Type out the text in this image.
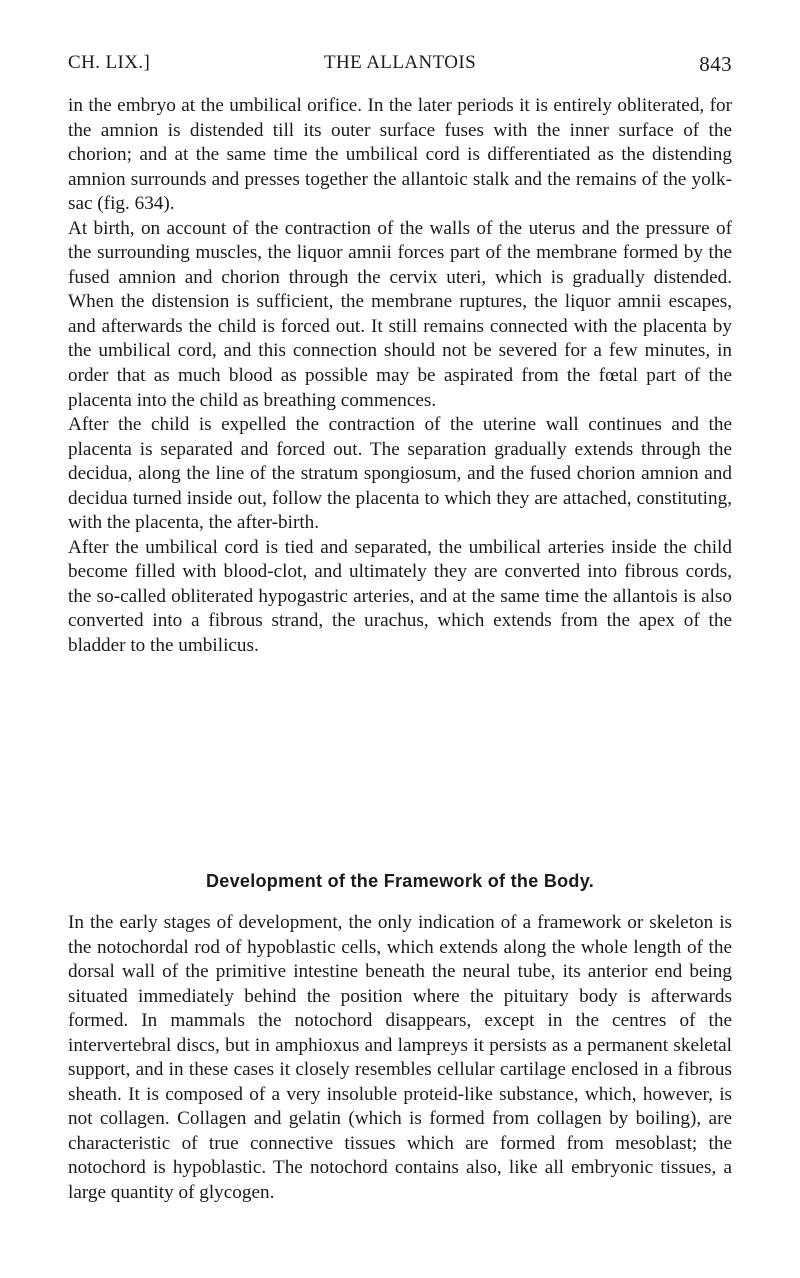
CH. LIX.]	THE ALLANTOIS	843

in the embryo at the umbilical orifice. In the later periods it is entirely obliterated, for the amnion is distended till its outer surface fuses with the inner surface of the chorion; and at the same time the umbilical cord is differentiated as the distending amnion surrounds and presses together the allantoic stalk and the remains of the yolk-sac (fig. 634).

At birth, on account of the contraction of the walls of the uterus and the pressure of the surrounding muscles, the liquor amnii forces part of the membrane formed by the fused amnion and chorion through the cervix uteri, which is gradually distended. When the distension is sufficient, the membrane ruptures, the liquor amnii escapes, and afterwards the child is forced out. It still remains connected with the placenta by the umbilical cord, and this connection should not be severed for a few minutes, in order that as much blood as possible may be aspirated from the fœtal part of the placenta into the child as breathing commences.

After the child is expelled the contraction of the uterine wall continues and the placenta is separated and forced out. The separation gradually extends through the decidua, along the line of the stratum spongiosum, and the fused chorion amnion and decidua turned inside out, follow the placenta to which they are attached, constituting, with the placenta, the after-birth.

After the umbilical cord is tied and separated, the umbilical arteries inside the child become filled with blood-clot, and ultimately they are converted into fibrous cords, the so-called obliterated hypogastric arteries, and at the same time the allantois is also converted into a fibrous strand, the urachus, which extends from the apex of the bladder to the umbilicus.

Development of the Framework of the Body.

In the early stages of development, the only indication of a framework or skeleton is the notochordal rod of hypoblastic cells, which extends along the whole length of the dorsal wall of the primitive intestine beneath the neural tube, its anterior end being situated immediately behind the position where the pituitary body is afterwards formed. In mammals the notochord disappears, except in the centres of the intervertebral discs, but in amphioxus and lampreys it persists as a permanent skeletal support, and in these cases it closely resembles cellular cartilage enclosed in a fibrous sheath. It is composed of a very insoluble proteid-like substance, which, however, is not collagen. Collagen and gelatin (which is formed from collagen by boiling), are characteristic of true connective tissues which are formed from mesoblast; the notochord is hypoblastic. The notochord contains also, like all embryonic tissues, a large quantity of glycogen.
